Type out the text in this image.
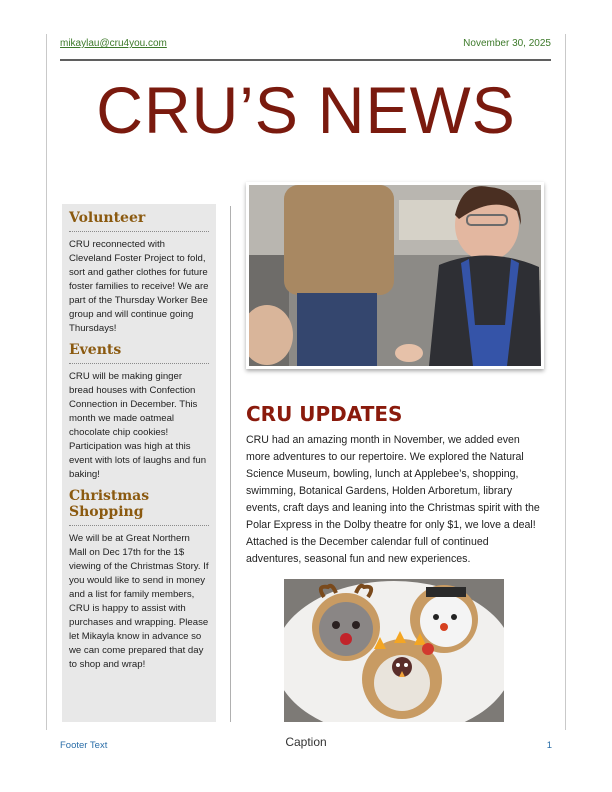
mikaylau@cru4you.com	November 30, 2025
CRU’S NEWS
Volunteer
CRU reconnected with Cleveland Foster Project to fold, sort and gather clothes for future foster families to receive! We are part of the Thursday Worker Bee group and will continue going Thursdays!
Events
CRU will be making ginger bread houses with Confection Connection in December. This month we made oatmeal chocolate chip cookies! Participation was high at this event with lots of laughs and fun baking!
Christmas Shopping
We will be at Great Northern Mall on Dec 17th for the 1$ viewing of the Christmas Story. If you would like to send in money and a list for family members, CRU is happy to assist with purchases and wrapping. Please let Mikayla know in advance so we can come prepared that day to shop and wrap!
CRU UPDATES
CRU had an amazing month in November, we added even more adventures to our repertoire. We explored the Natural Science Museum, bowling, lunch at Applebee’s, shopping, swimming, Botanical Gardens, Holden Arboretum, library events, craft days and leaning into the Christmas spirit with the Polar Express in the Dolby theatre for only $1, we love a deal! Attached is the December calendar full of continued adventures, seasonal fun and new experiences.
Footer Text	Caption	1
